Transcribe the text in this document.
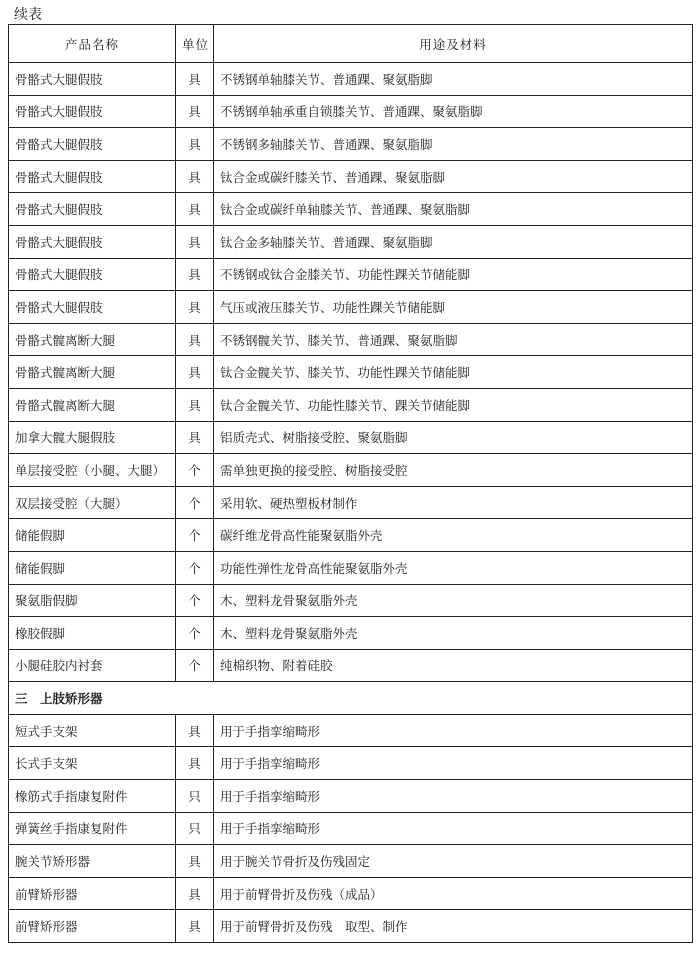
续表
产品名称	单位	用途及材料
骨骼式大腿假肢	具	不锈钢单轴膝关节、普通踝、聚氨脂脚
骨骼式大腿假肢	具	不锈钢单轴承重自锁膝关节、普通踝、聚氨脂脚
骨骼式大腿假肢	具	不锈钢多轴膝关节、普通踝、聚氨脂脚
骨骼式大腿假肢	具	钛合金或碳纤膝关节、普通踝、聚氨脂脚
骨骼式大腿假肢	具	钛合金或碳纤单轴膝关节、普通踝、聚氨脂脚
骨骼式大腿假肢	具	钛合金多轴膝关节、普通踝、聚氨脂脚
骨骼式大腿假肢	具	不锈钢或钛合金膝关节、功能性踝关节储能脚
骨骼式大腿假肢	具	气压或液压膝关节、功能性踝关节储能脚
骨骼式髋离断大腿	具	不锈钢髋关节、膝关节、普通踝、聚氨脂脚
骨骼式髋离断大腿	具	钛合金髋关节、膝关节、功能性踝关节储能脚
骨骼式髋离断大腿	具	钛合金髋关节、功能性膝关节、踝关节储能脚
加拿大髋大腿假肢	具	铝质壳式、树脂接受腔、聚氨脂脚
单层接受腔（小腿、大腿）	个	需单独更换的接受腔、树脂接受腔
双层接受腔（大腿）	个	采用软、硬热塑板材制作
储能假脚	个	碳纤维龙骨高性能聚氨脂外壳
储能假脚	个	功能性弹性龙骨高性能聚氨脂外壳
聚氨脂假脚	个	木、塑料龙骨聚氨脂外壳
橡胶假脚	个	木、塑料龙骨聚氨脂外壳
小腿硅胶内衬套	个	纯棉织物、附着硅胶
三　上肢矫形器		
短式手支架	具	用于手指挛缩畸形
长式手支架	具	用于手指挛缩畸形
橡筋式手指康复附件	只	用于手指挛缩畸形
弹簧丝手指康复附件	只	用于手指挛缩畸形
腕关节矫形器	具	用于腕关节骨折及伤残固定
前臂矫形器	具	用于前臂骨折及伤残（成品）
前臂矫形器	具	用于前臂骨折及伤残　取型、制作
